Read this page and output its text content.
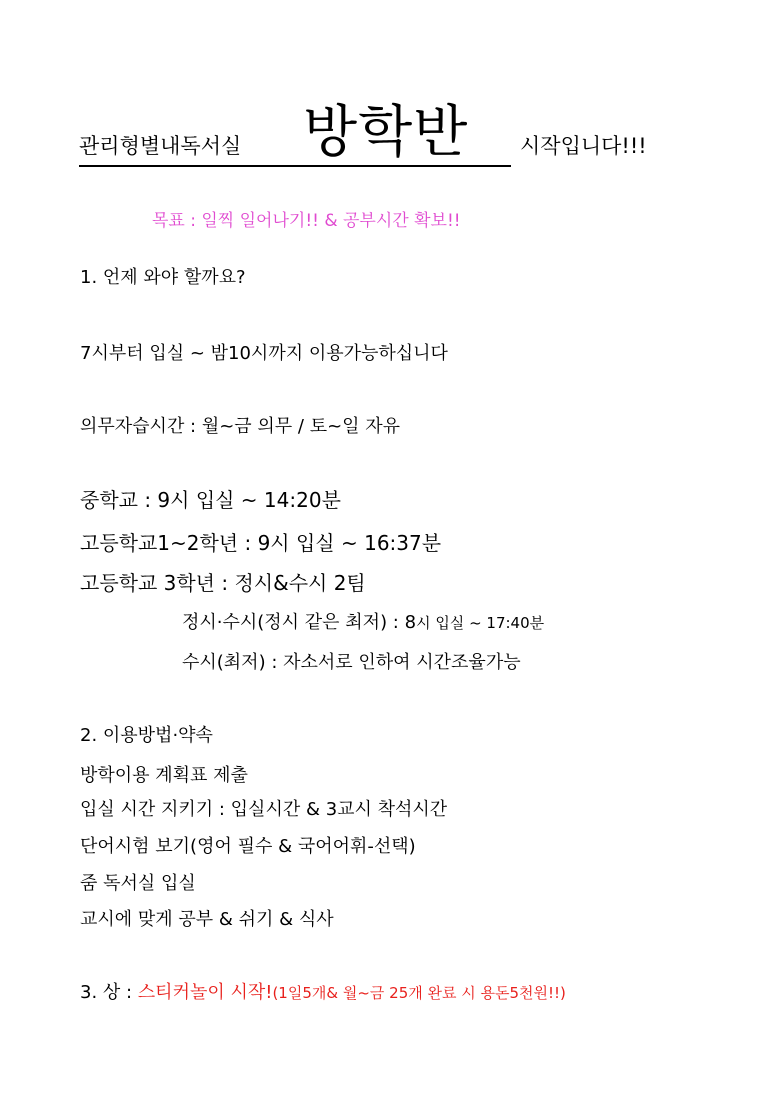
관리형별내독서실 방학반 시작입니다!!!
목표 : 일찍 일어나기!! & 공부시간 확보!!
1. 언제 와야 할까요?
7시부터 입실 ~ 밤10시까지 이용가능하십니다
의무자습시간 : 월~금 의무 / 토~일 자유
중학교 : 9시 입실 ~ 14:20분
고등학교1~2학년 : 9시 입실 ~ 16:37분
고등학교 3학년 : 정시&수시 2팀
정시·수시(정시 같은 최저) : 8시 입실 ~ 17:40분
수시(최저) : 자소서로 인하여 시간조율가능
2. 이용방법·약속
방학이용 계획표 제출
입실 시간 지키기 : 입실시간 & 3교시 착석시간
단어시험 보기(영어 필수 & 국어어휘-선택)
줌 독서실 입실
교시에 맞게 공부 & 쉬기 & 식사
3. 상 : 스티커놀이 시작!(1일5개& 월~금 25개 완료 시 용돈5천원!!)
